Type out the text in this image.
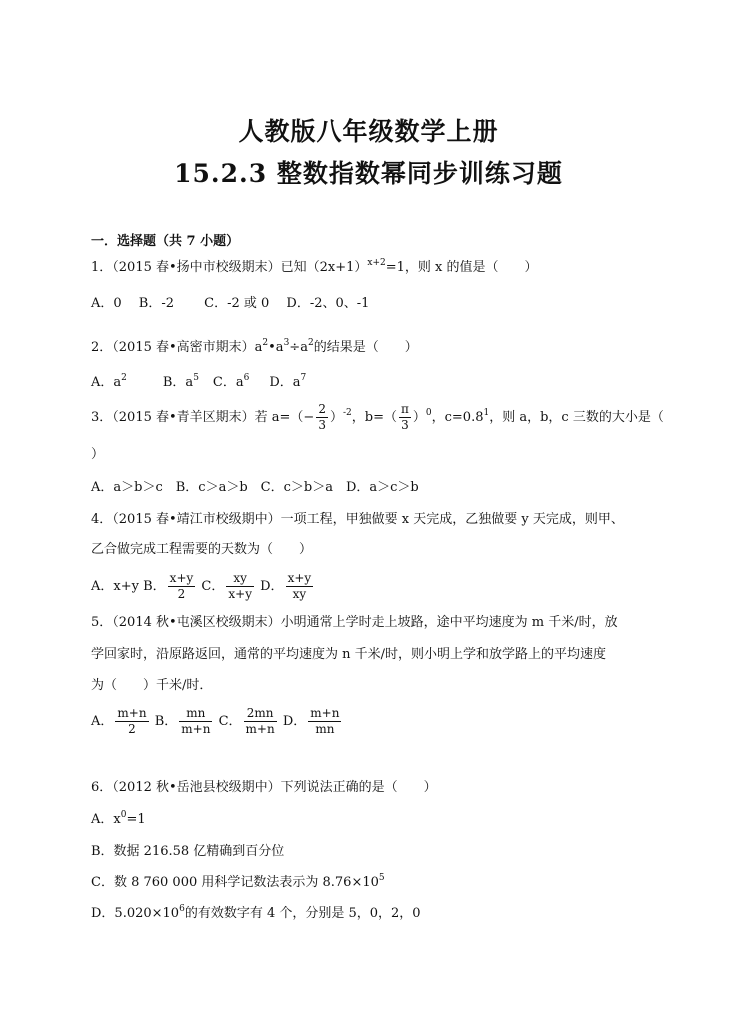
人教版八年级数学上册
15.2.3 整数指数幂同步训练习题
一．选择题（共 7 小题）
1．（2015 春•扬中市校级期末）已知$(2x+1)^{x+2}=1$，则 x 的值是（　　）
A．0　 B．-2　　 C．-2 或 0　 D．-2、0、-1
2．（2015 春•高密市期末）$a^2•a^3\div a^2$的结果是（　　）
A．$a^2$	B．$a^5$ C．$a^6$ D．$a^7$
3．（2015 春•青羊区期末）若 $a=(- \frac{2}{3} )^{-2}$，$b=( \frac{\pi}{3} )^0$，$c=0.8^1$，则 a，b，c 三数的大小是（
）
A．a＞b＞c　B．c＞a＞b　C．c＞b＞a　D．a＞c＞b
4．（2015 春•靖江市校级期中）一项工程，甲独做要 x 天完成，乙独做要 y 天完成，则甲、
乙合做完成工程需要的天数为（　　）
A．x+y B． $\frac{x+y}{2}$ C． $\frac{xy}{x+y}$ D． $\frac{x+y}{xy}$
5．（2014 秋•屯溪区校级期末）小明通常上学时走上坡路，途中平均速度为 m 千米/时，放
学回家时，沿原路返回，通常的平均速度为 n 千米/时，则小明上学和放学路上的平均速度
为（　　）千米/时．
A． $\frac{m+n}{2}$ B． $\frac{mn}{m+n}$ C． $\frac{2mn}{m+n}$ D． $\frac{m+n}{mn}$
6．（2012 秋•岳池县校级期中）下列说法正确的是（　　）
A．$x^0=1$
B．数据 216.58 亿精确到百分位
C．数 8 760 000 用科学记数法表示为 $8.76\times 10^5$
D．$5.020\times 10^6$的有效数字有 4 个，分别是 5，0，2，0
